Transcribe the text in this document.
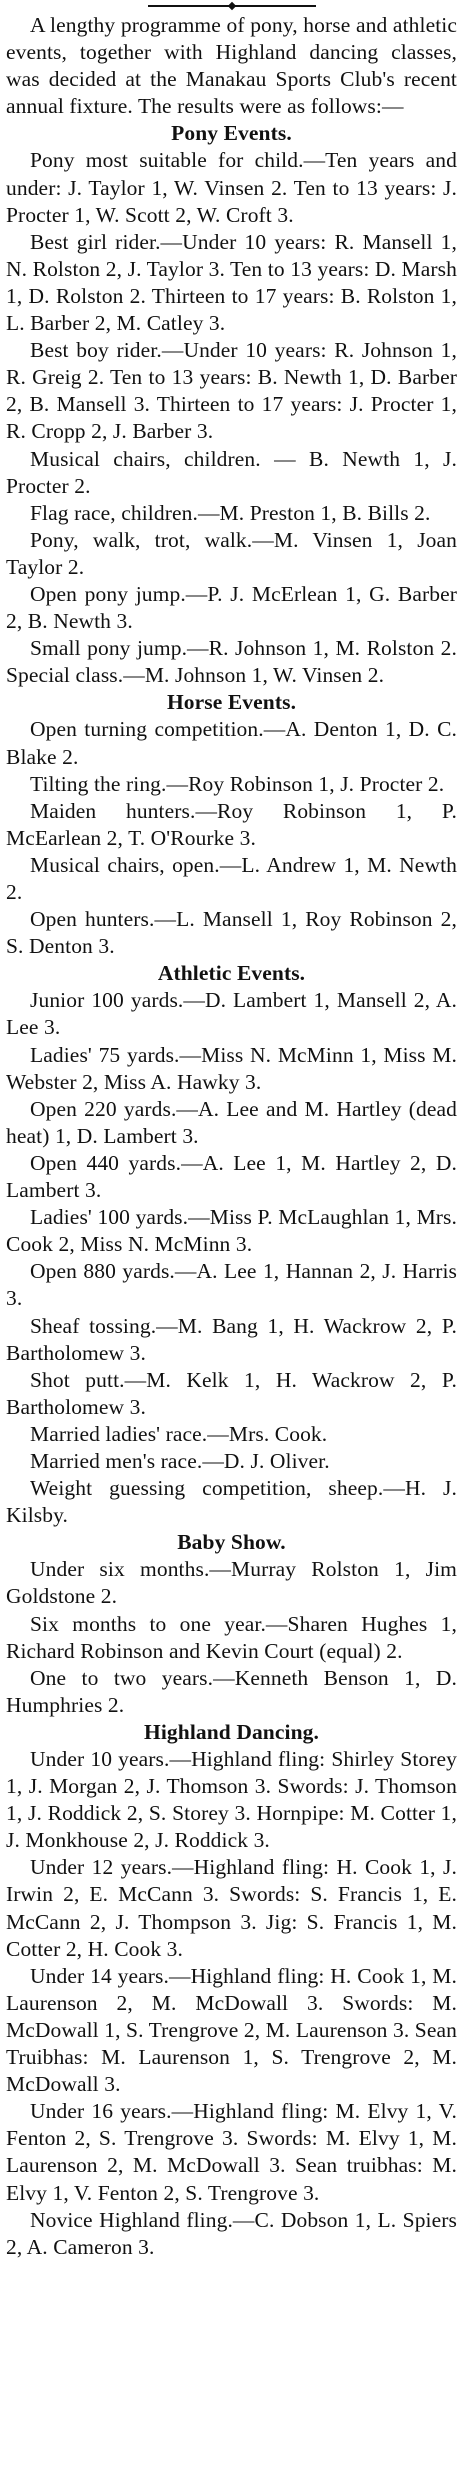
A lengthy programme of pony, horse and athletic events, together with Highland dancing classes, was decided at the Manakau Sports Club's recent annual fixture. The results were as follows:—

Pony Events.

Pony most suitable for child.—Ten years and under: J. Taylor 1, W. Vinsen 2. Ten to 13 years: J. Procter 1, W. Scott 2, W. Croft 3.

Best girl rider.—Under 10 years: R. Mansell 1, N. Rolston 2, J. Taylor 3. Ten to 13 years: D. Marsh 1, D. Rolston 2. Thirteen to 17 years: B. Rolston 1, L. Barber 2, M. Catley 3.

Best boy rider.—Under 10 years: R. Johnson 1, R. Greig 2. Ten to 13 years: B. Newth 1, D. Barber 2, B. Mansell 3. Thirteen to 17 years: J. Procter 1, R. Cropp 2, J. Barber 3.

Musical chairs, children. — B. Newth 1, J. Procter 2.

Flag race, children.—M. Preston 1, B. Bills 2.

Pony, walk, trot, walk.—M. Vinsen 1, Joan Taylor 2.

Open pony jump.—P. J. McErlean 1, G. Barber 2, B. Newth 3.

Small pony jump.—R. Johnson 1, M. Rolston 2. Special class.—M. Johnson 1, W. Vinsen 2.

Horse Events.

Open turning competition.—A. Denton 1, D. C. Blake 2.

Tilting the ring.—Roy Robinson 1, J. Procter 2.

Maiden hunters.—Roy Robinson 1, P. McEarlean 2, T. O'Rourke 3.

Musical chairs, open.—L. Andrew 1, M. Newth 2.

Open hunters.—L. Mansell 1, Roy Robinson 2, S. Denton 3.

Athletic Events.

Junior 100 yards.—D. Lambert 1, Mansell 2, A. Lee 3.

Ladies' 75 yards.—Miss N. McMinn 1, Miss M. Webster 2, Miss A. Hawky 3.

Open 220 yards.—A. Lee and M. Hartley (dead heat) 1, D. Lambert 3.

Open 440 yards.—A. Lee 1, M. Hartley 2, D. Lambert 3.

Ladies' 100 yards.—Miss P. McLaughlan 1, Mrs. Cook 2, Miss N. McMinn 3.

Open 880 yards.—A. Lee 1, Hannan 2, J. Harris 3.

Sheaf tossing.—M. Bang 1, H. Wackrow 2, P. Bartholomew 3.

Shot putt.—M. Kelk 1, H. Wackrow 2, P. Bartholomew 3.

Married ladies' race.—Mrs. Cook.

Married men's race.—D. J. Oliver.

Weight guessing competition, sheep.—H. J. Kilsby.

Baby Show.

Under six months.—Murray Rolston 1, Jim Goldstone 2.

Six months to one year.—Sharen Hughes 1, Richard Robinson and Kevin Court (equal) 2.

One to two years.—Kenneth Benson 1, D. Humphries 2.

Highland Dancing.

Under 10 years.—Highland fling: Shirley Storey 1, J. Morgan 2, J. Thomson 3. Swords: J. Thomson 1, J. Roddick 2, S. Storey 3. Hornpipe: M. Cotter 1, J. Monkhouse 2, J. Roddick 3.

Under 12 years.—Highland fling: H. Cook 1, J. Irwin 2, E. McCann 3. Swords: S. Francis 1, E. McCann 2, J. Thompson 3. Jig: S. Francis 1, M. Cotter 2, H. Cook 3.

Under 14 years.—Highland fling: H. Cook 1, M. Laurenson 2, M. McDowall 3. Swords: M. McDowall 1, S. Trengrove 2, M. Laurenson 3. Sean Truibhas: M. Laurenson 1, S. Trengrove 2, M. McDowall 3.

Under 16 years.—Highland fling: M. Elvy 1, V. Fenton 2, S. Trengrove 3. Swords: M. Elvy 1, M. Laurenson 2, M. McDowall 3. Sean truibhas: M. Elvy 1, V. Fenton 2, S. Trengrove 3.

Novice Highland fling.—C. Dobson 1, L. Spiers 2, A. Cameron 3.
